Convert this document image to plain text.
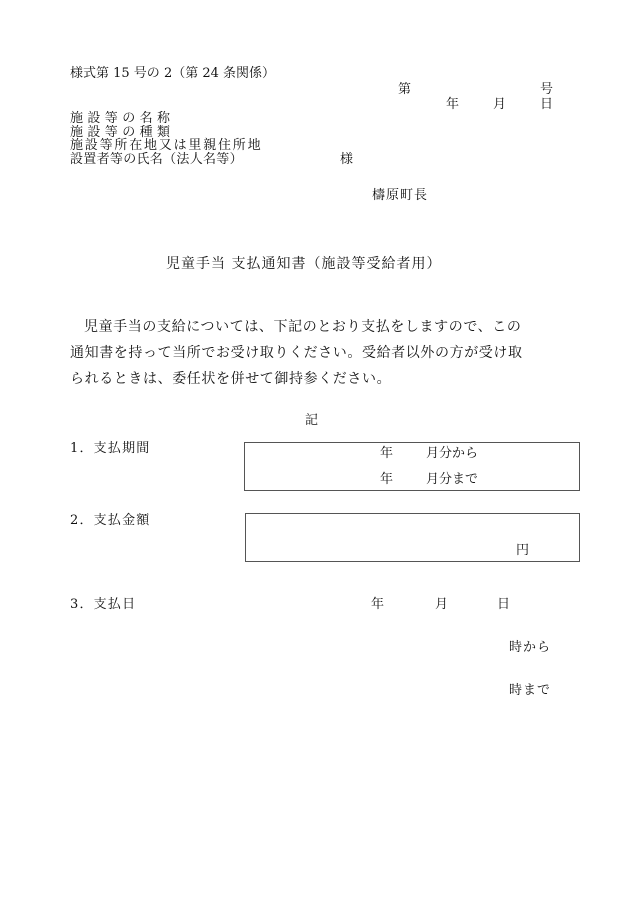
様式第 15 号の 2（第 24 条関係）
第	号
年	月	日
施設等の名称
施設等の種類
施設等所在地又は里親住所地
設置者等の氏名（法人名等）	様
檮原町長
児童手当 支払通知書（施設等受給者用）
児童手当の支給については、下記のとおり支払をしますので、この
通知書を持って当所でお受け取りください。受給者以外の方が受け取
られるときは、委任状を併せて御持参ください。
記
1．支払期間	年	月分から
年	月分まで
2．支払金額
円
3．支払日	年	月	日
時から
時まで
